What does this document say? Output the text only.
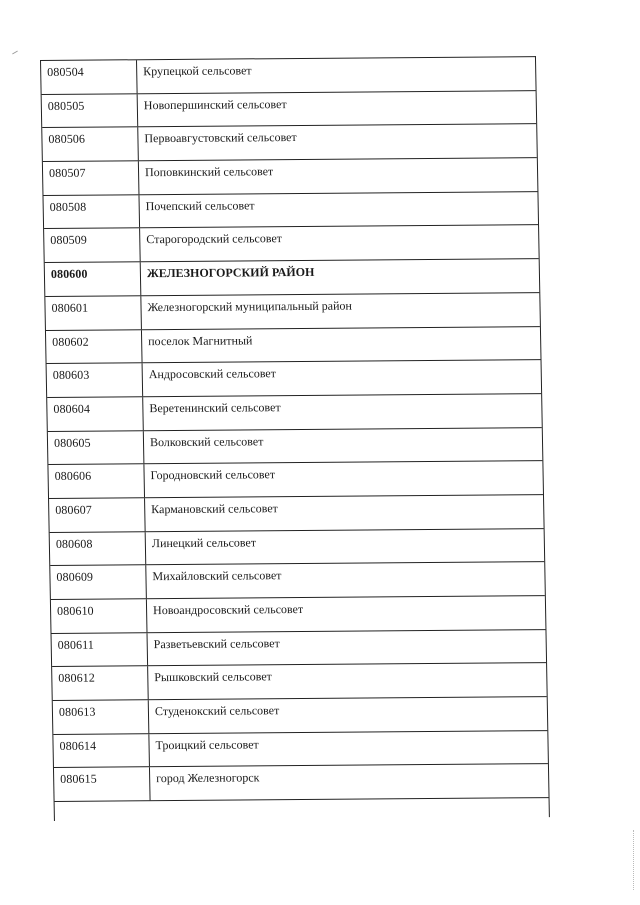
080504	Крупецкой сельсовет
080505	Новопершинский сельсовет
080506	Первоавгустовский сельсовет
080507	Поповкинский сельсовет
080508	Почепский сельсовет
080509	Старогородский сельсовет
080600	ЖЕЛЕЗНОГОРСКИЙ РАЙОН
080601	Железногорский муниципальный район
080602	поселок Магнитный
080603	Андросовский сельсовет
080604	Веретенинский сельсовет
080605	Волковский сельсовет
080606	Городновский сельсовет
080607	Кармановский сельсовет
080608	Линецкий сельсовет
080609	Михайловский сельсовет
080610	Новоандросовский сельсовет
080611	Разветьевский сельсовет
080612	Рышковский сельсовет
080613	Студенокский сельсовет
080614	Троицкий сельсовет
080615	город Железногорск
